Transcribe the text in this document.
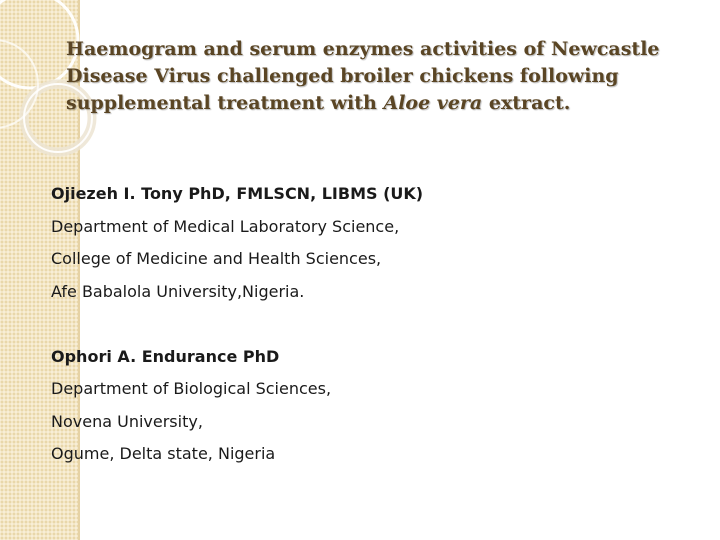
Haemogram and serum enzymes activities of Newcastle Disease Virus challenged broiler chickens following supplemental treatment with Aloe vera extract.
Ojiezeh I. Tony PhD, FMLSCN, LIBMS (UK)
Department of Medical Laboratory Science,
College of Medicine and Health Sciences,
Afe Babalola University,Nigeria.
Ophori A. Endurance PhD
Department of Biological Sciences,
Novena University,
Ogume, Delta state, Nigeria
